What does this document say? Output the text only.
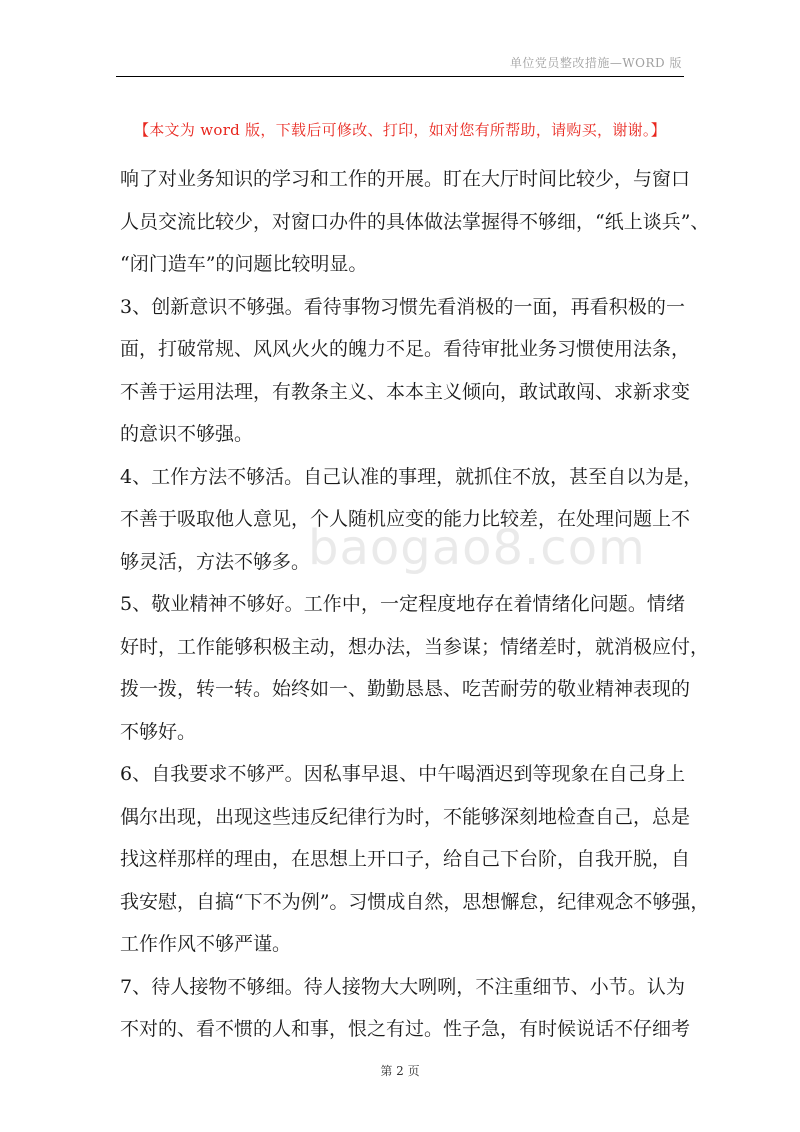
单位党员整改措施—WORD 版
【本文为 word 版，下载后可修改、打印，如对您有所帮助，请购买，谢谢。】
baogao8.com

响了对业务知识的学习和工作的开展。盯在大厅时间比较少，与窗口
人员交流比较少，对窗口办件的具体做法掌握得不够细，“纸上谈兵”、
“闭门造车”的问题比较明显。

3、创新意识不够强。看待事物习惯先看消极的一面，再看积极的一
面，打破常规、风风火火的魄力不足。看待审批业务习惯使用法条，
不善于运用法理，有教条主义、本本主义倾向，敢试敢闯、求新求变
的意识不够强。

4、工作方法不够活。自己认准的事理，就抓住不放，甚至自以为是，
不善于吸取他人意见，个人随机应变的能力比较差，在处理问题上不
够灵活，方法不够多。

5、敬业精神不够好。工作中，一定程度地存在着情绪化问题。情绪
好时，工作能够积极主动，想办法，当参谋；情绪差时，就消极应付，
拨一拨，转一转。始终如一、勤勤恳恳、吃苦耐劳的敬业精神表现的
不够好。

6、自我要求不够严。因私事早退、中午喝酒迟到等现象在自己身上
偶尔出现，出现这些违反纪律行为时，不能够深刻地检查自己，总是
找这样那样的理由，在思想上开口子，给自己下台阶，自我开脱，自
我安慰，自搞“下不为例”。习惯成自然，思想懈怠，纪律观念不够强，
工作作风不够严谨。

7、待人接物不够细。待人接物大大咧咧，不注重细节、小节。认为
不对的、看不惯的人和事，恨之有过。性子急，有时候说话不仔细考

第 2 页
